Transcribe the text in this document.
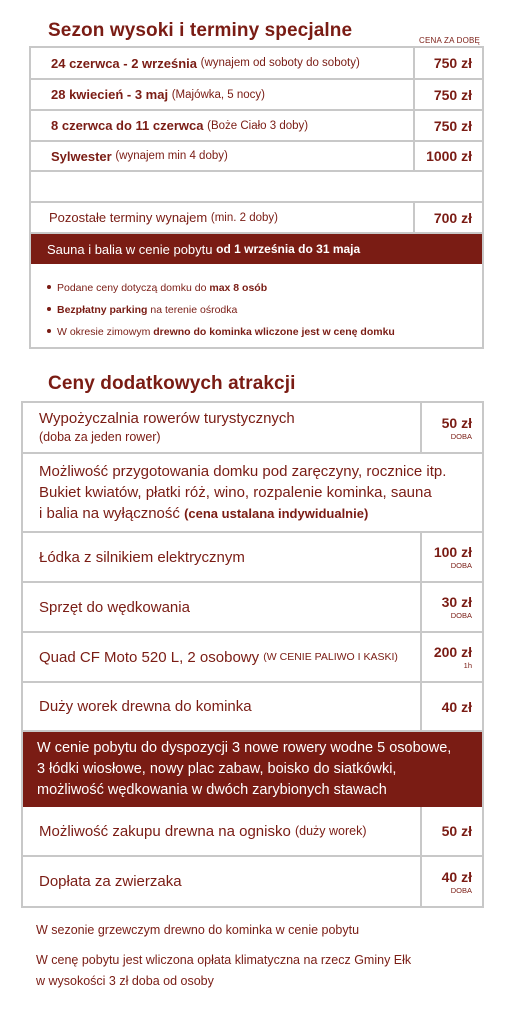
Sezon wysoki i terminy specjalne	CENA ZA DOBĘ
24 czerwca - 2 września
(wynajem od soboty do soboty)	750 zł
28 kwiecień - 3 maj
(Majówka, 5 nocy)	750 zł
8 czerwca do 11 czerwca
(Boże Ciało 3 doby)	750 zł
Sylwester
(wynajem min 4 doby)	1000 zł
Pozostałe terminy wynajem
(min. 2 doby)	700 zł
Sauna i balia w cenie pobytu
od 1 września do 31 maja
Podane ceny dotyczą domku do max 8 osób
Bezpłatny parking na terenie ośrodka
W okresie zimowym drewno do kominka wliczone jest w cenę domku
Ceny dodatkowych atrakcji
Wypożyczalnia rowerów turystycznych
(doba za jeden rower)
50 zł
DOBA
Możliwość przygotowania domku pod zaręczyny, rocznice itp.
Bukiet kwiatów, płatki róż, wino, rozpalenie kominka, sauna
i balia na wyłączność (cena ustalana indywidualnie)
Łódka z silnikiem elektrycznym	100 zł
DOBA
Sprzęt do wędkowania	30 zł
DOBA
Quad CF Moto 520 L, 2 osobowy
(W CENIE PALIWO I KASKI)	200 zł
1h
Duży worek drewna do kominka	40 zł
W cenie pobytu do dyspozycji 3 nowe rowery wodne 5 osobowe,
3 łódki wiosłowe, nowy plac zabaw, boisko do siatkówki,
możliwość wędkowania w dwóch zarybionych stawach
Możliwość zakupu drewna na ognisko
(duży worek)	50 zł
Dopłata za zwierzaka	40 zł
DOBA
W sezonie grzewczym drewno do kominka w cenie pobytu
W cenę pobytu jest wliczona opłata klimatyczna na rzecz Gminy Ełk
w wysokości 3 zł doba od osoby
